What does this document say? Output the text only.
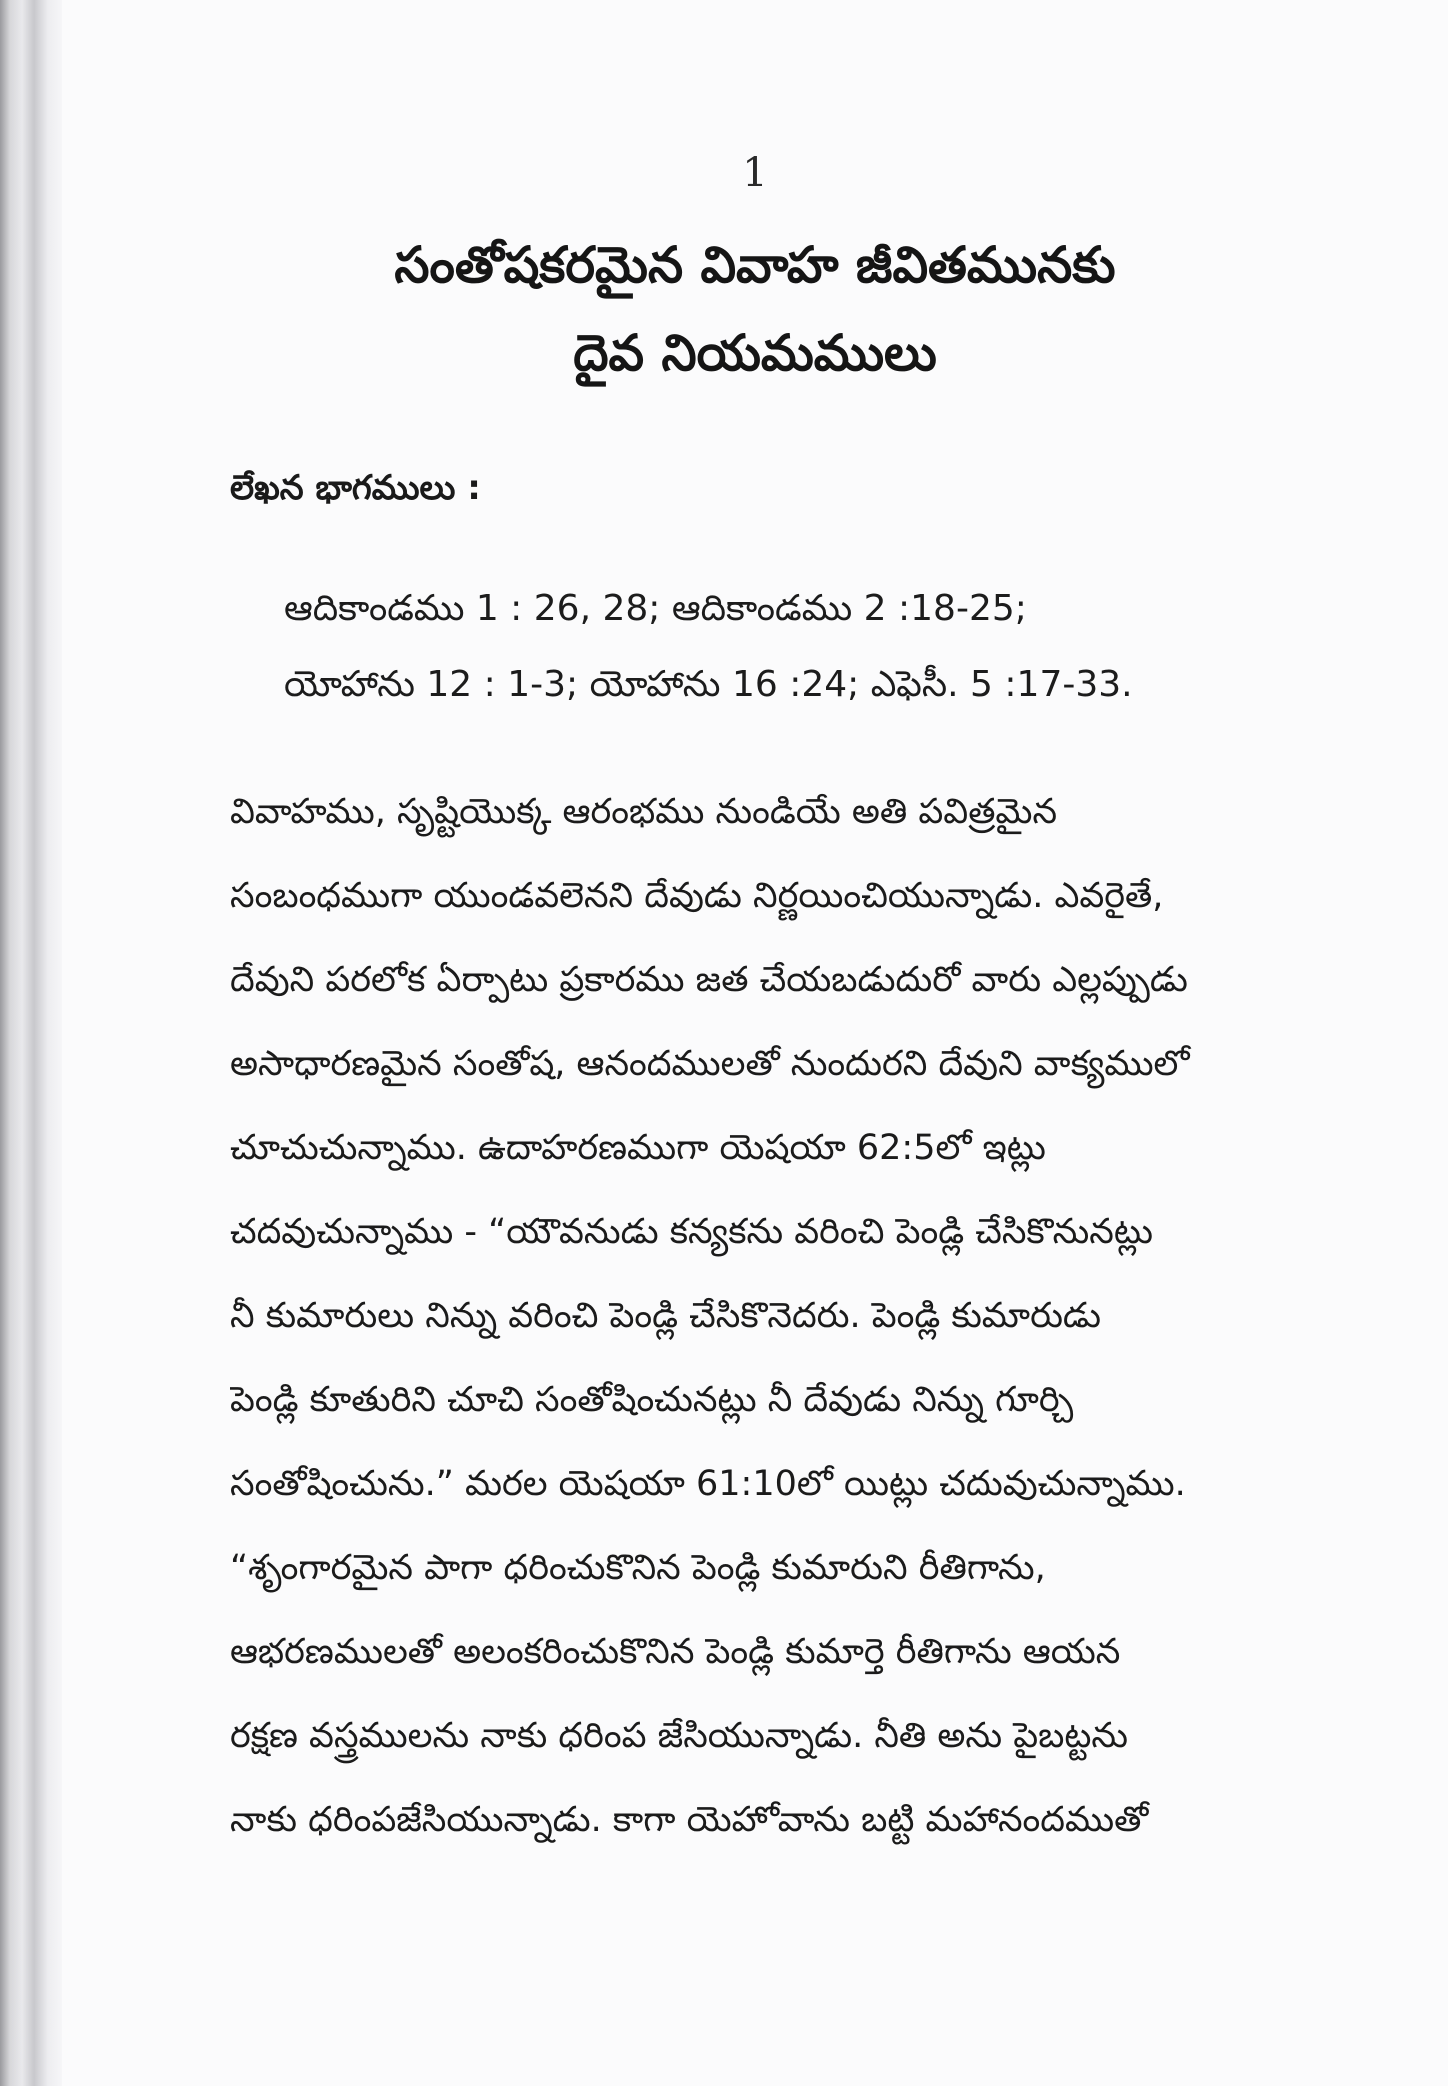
1
సంతోషకరమైన వివాహ జీవితమునకు
దైవ నియమములు
లేఖన భాగములు :
ఆదికాండము 1 : 26, 28; ఆదికాండము 2 :18-25;
యోహాను 12 : 1-3; యోహాను 16 :24; ఎఫెసీ. 5 :17-33.
వివాహము, సృష్టియొక్క ఆరంభము నుండియే అతి పవిత్రమైన
సంబంధముగా యుండవలెనని దేవుడు నిర్ణయించియున్నాడు. ఎవరైతే,
దేవుని పరలోక ఏర్పాటు ప్రకారము జత చేయబడుదురో వారు ఎల్లప్పుడు
అసాధారణమైన సంతోష, ఆనందములతో నుందురని దేవుని వాక్యములో
చూచుచున్నాము. ఉదాహరణముగా యెషయా 62:5లో ఇట్లు
చదవుచున్నాము - “యౌవనుడు కన్యకను వరించి పెండ్లి చేసికొనునట్లు
నీ కుమారులు నిన్ను వరించి పెండ్లి చేసికొనెదరు. పెండ్లి కుమారుడు
పెండ్లి కూతురిని చూచి సంతోషించునట్లు నీ దేవుడు నిన్ను గూర్చి
సంతోషించును.” మరల యెషయా 61:10లో యిట్లు చదువుచున్నాము.
“శృంగారమైన పాగా ధరించుకొనిన పెండ్లి కుమారుని రీతిగాను,
ఆభరణములతో అలంకరించుకొనిన పెండ్లి కుమార్తె రీతిగాను ఆయన
రక్షణ వస్త్రములను నాకు ధరింప జేసియున్నాడు. నీతి అను పైబట్టను
నాకు ధరింపజేసియున్నాడు. కాగా యెహోవాను బట్టి మహానందముతో
